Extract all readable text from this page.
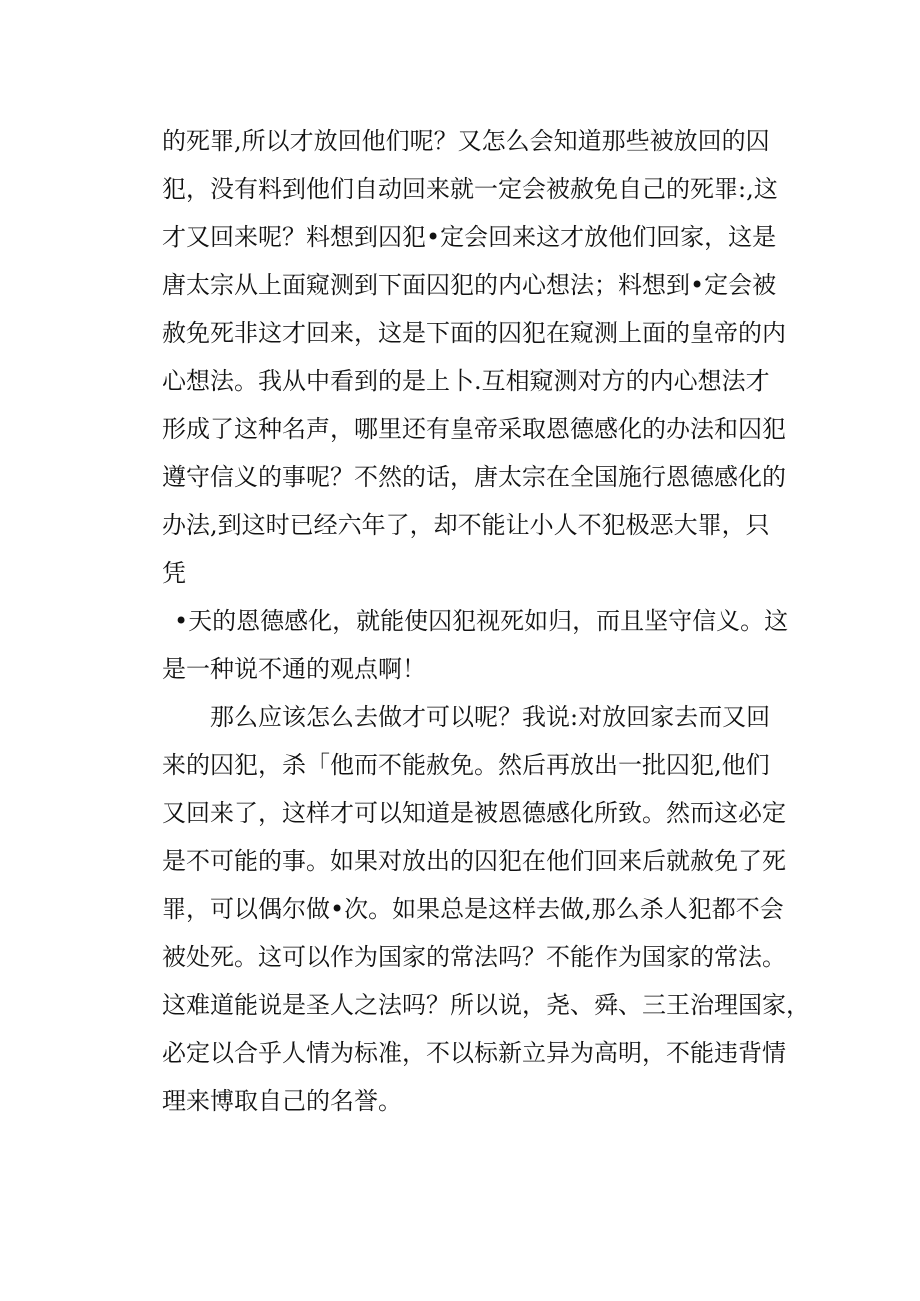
的死罪,所以才放回他们呢？又怎么会知道那些被放回的囚
犯，没有料到他们自动回来就一定会被赦免自己的死罪:,这
才又回来呢？料想到囚犯•定会回来这才放他们回家，这是
唐太宗从上面窥测到下面囚犯的内心想法；料想到•定会被
赦免死非这才回来，这是下面的囚犯在窥测上面的皇帝的内
心想法。我从中看到的是上卜.互相窥测对方的内心想法才
形成了这种名声，哪里还有皇帝采取恩德感化的办法和囚犯
遵守信义的事呢？不然的话，唐太宗在全国施行恩德感化的
办法,到这时已经六年了，却不能让小人不犯极恶大罪，只
凭
•天的恩德感化，就能使囚犯视死如归，而且坚守信义。这
是一种说不通的观点啊！
那么应该怎么去做才可以呢？我说:对放回家去而又回
来的囚犯，杀「他而不能赦免。然后再放出一批囚犯,他们
又回来了，这样才可以知道是被恩德感化所致。然而这必定
是不可能的事。如果对放出的囚犯在他们回来后就赦免了死
罪，可以偶尔做•次。如果总是这样去做,那么杀人犯都不会
被处死。这可以作为国家的常法吗？不能作为国家的常法。
这难道能说是圣人之法吗？所以说，尧、舜、三王治理国家，
必定以合乎人情为标准，不以标新立异为高明，不能违背情
理来博取自己的名誉。
